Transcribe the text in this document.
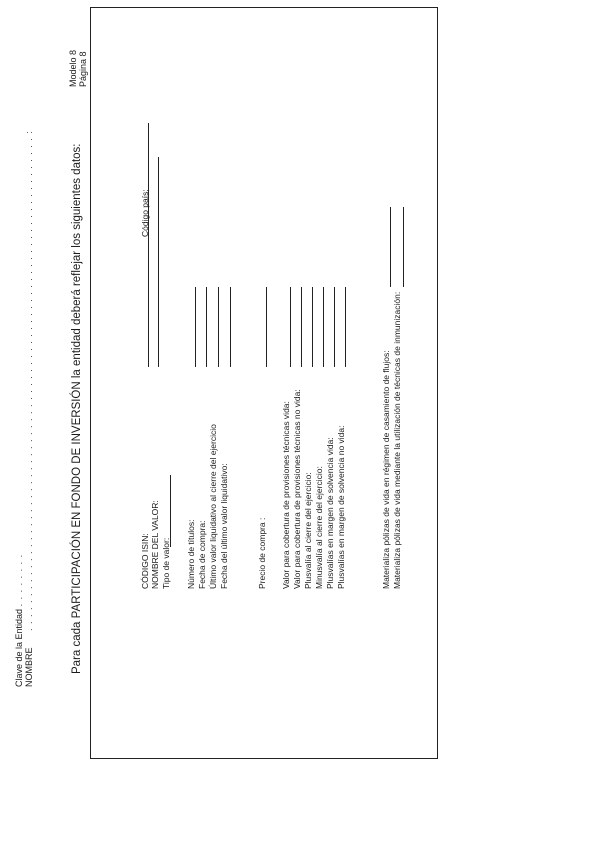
Clave de la Entidad . . . . . . . .
NOMBRE . . . . . . . . . . . . . . . . . . . . . . . . . . . . . . . . . . . . . . . . . . . . . . . . . . . . . . . . . . . . . . . . . . . . . . . :
Modelo 8 Página 8
Para cada PARTICIPACIÓN EN FONDO DE INVERSIÓN la entidad deberá reflejar los siguientes datos:
CÓDIGO ISIN:
Código país:
NOMBRE DEL VALOR: Tipo de valor: Número de títulos: Fecha de compra: Último valor liquidativo al cierre del ejercicio Fecha del último valor liquidativo:	Precio de compra : Valor para cobertura de provisiones técnicas vida: Valor para cobertura de provisiones técnicas no vida: Plusvalía al cierre del ejercicio: Minusvalía al cierre del ejercicio: Plusvalías en margen de solvencia vida: Plusvalías en margen de solvencia no vida:	Materializa pólizas de vida en régimen de casamiento de flujos: Materializa pólizas de vida mediante la utilización de técnicas de inmunización:
